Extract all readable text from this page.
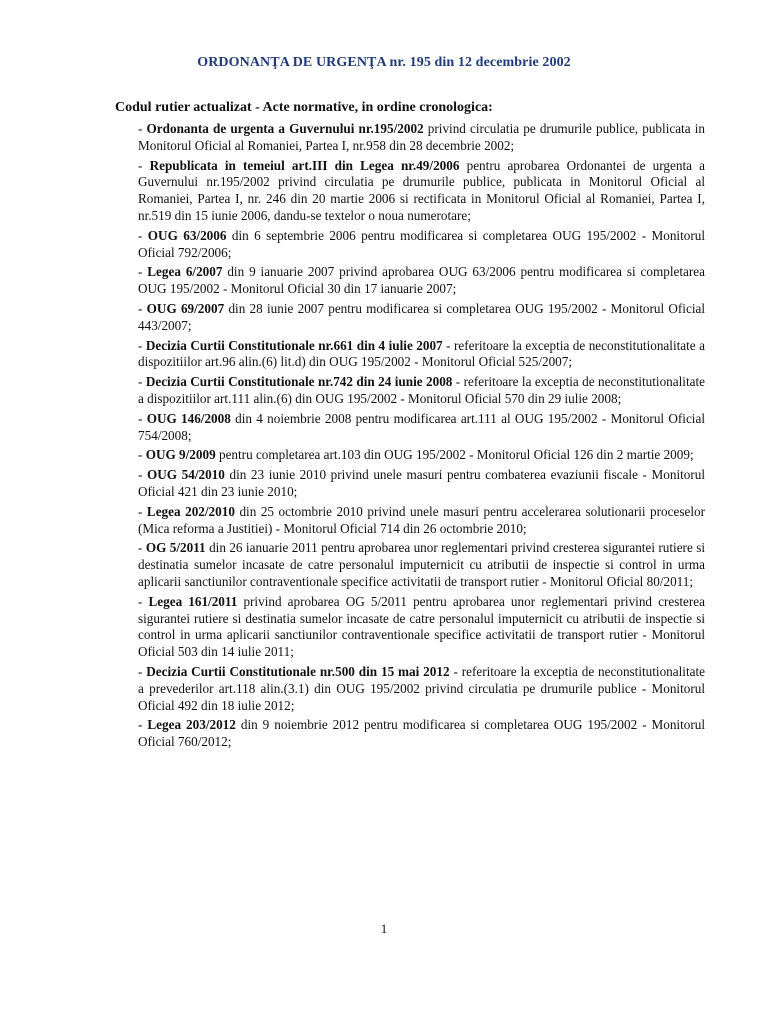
ORDONANŢA DE URGENŢA nr. 195 din 12 decembrie 2002
Codul rutier actualizat - Acte normative, in ordine cronologica:

- Ordonanta de urgenta a Guvernului nr.195/2002 privind circulatia pe drumurile publice, publicata in Monitorul Oficial al Romaniei, Partea I, nr.958 din 28 decembrie 2002;

- Republicata in temeiul art.III din Legea nr.49/2006 pentru aprobarea Ordonantei de urgenta a Guvernului nr.195/2002 privind circulatia pe drumurile publice, publicata in Monitorul Oficial al Romaniei, Partea I, nr. 246 din 20 martie 2006 si rectificata in Monitorul Oficial al Romaniei, Partea I, nr.519 din 15 iunie 2006, dandu-se textelor o noua numerotare;

- OUG 63/2006 din 6 septembrie 2006 pentru modificarea si completarea OUG 195/2002 - Monitorul Oficial 792/2006;

- Legea 6/2007 din 9 ianuarie 2007 privind aprobarea OUG 63/2006 pentru modificarea si completarea OUG 195/2002 - Monitorul Oficial 30 din 17 ianuarie 2007;

- OUG 69/2007 din 28 iunie 2007 pentru modificarea si completarea OUG 195/2002 - Monitorul Oficial 443/2007;

- Decizia Curtii Constitutionale nr.661 din 4 iulie 2007 - referitoare la exceptia de neconstitutionalitate a dispozitiilor art.96 alin.(6) lit.d) din OUG 195/2002 - Monitorul Oficial 525/2007;

- Decizia Curtii Constitutionale nr.742 din 24 iunie 2008 - referitoare la exceptia de neconstitutionalitate a dispozitiilor art.111 alin.(6) din OUG 195/2002 - Monitorul Oficial 570 din 29 iulie 2008;

- OUG 146/2008 din 4 noiembrie 2008 pentru modificarea art.111 al OUG 195/2002 - Monitorul Oficial 754/2008;

- OUG 9/2009 pentru completarea art.103 din OUG 195/2002 - Monitorul Oficial 126 din 2 martie 2009;

- OUG 54/2010 din 23 iunie 2010 privind unele masuri pentru combaterea evaziunii fiscale - Monitorul Oficial 421 din 23 iunie 2010;

- Legea 202/2010 din 25 octombrie 2010 privind unele masuri pentru accelerarea solutionarii proceselor (Mica reforma a Justitiei) - Monitorul Oficial 714 din 26 octombrie 2010;

- OG 5/2011 din 26 ianuarie 2011 pentru aprobarea unor reglementari privind cresterea sigurantei rutiere si destinatia sumelor incasate de catre personalul imputernicit cu atributii de inspectie si control in urma aplicarii sanctiunilor contraventionale specifice activitatii de transport rutier - Monitorul Oficial 80/2011;

- Legea 161/2011 privind aprobarea OG 5/2011 pentru aprobarea unor reglementari privind cresterea sigurantei rutiere si destinatia sumelor incasate de catre personalul imputernicit cu atributii de inspectie si control in urma aplicarii sanctiunilor contraventionale specifice activitatii de transport rutier - Monitorul Oficial 503 din 14 iulie 2011;

- Decizia Curtii Constitutionale nr.500 din 15 mai 2012 - referitoare la exceptia de neconstitutionalitate a prevederilor art.118 alin.(3.1) din OUG 195/2002 privind circulatia pe drumurile publice - Monitorul Oficial 492 din 18 iulie 2012;

- Legea 203/2012 din 9 noiembrie 2012 pentru modificarea si completarea OUG 195/2002 - Monitorul Oficial 760/2012;

1
